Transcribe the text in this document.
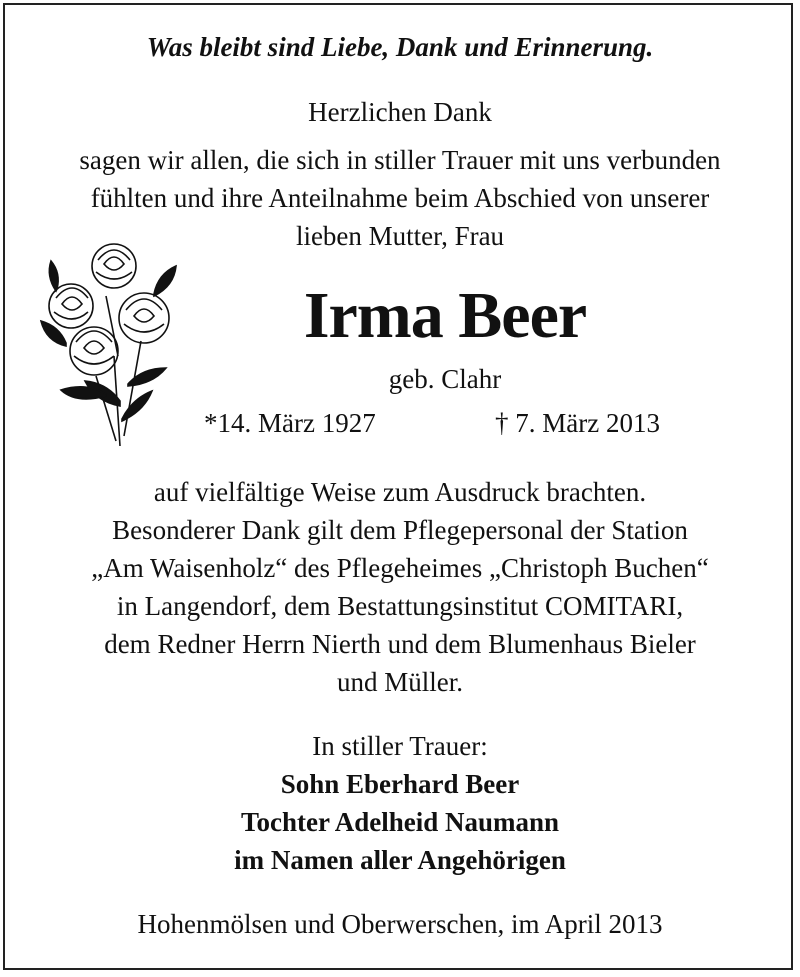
Was bleibt sind Liebe, Dank und Erinnerung.
Herzlichen Dank
sagen wir allen, die sich in stiller Trauer mit uns verbunden
fühlten und ihre Anteilnahme beim Abschied von unserer
lieben Mutter, Frau
Irma Beer
geb. Clahr
*14. März 1927	† 7. März 2013
auf vielfältige Weise zum Ausdruck brachten.
Besonderer Dank gilt dem Pflegepersonal der Station
„Am Waisenholz“ des Pflegeheimes „Christoph Buchen“
in Langendorf, dem Bestattungsinstitut COMITARI,
dem Redner Herrn Nierth und dem Blumenhaus Bieler
und Müller.
In stiller Trauer:
Sohn Eberhard Beer
Tochter Adelheid Naumann
im Namen aller Angehörigen
Hohenmölsen und Oberwerschen, im April 2013
